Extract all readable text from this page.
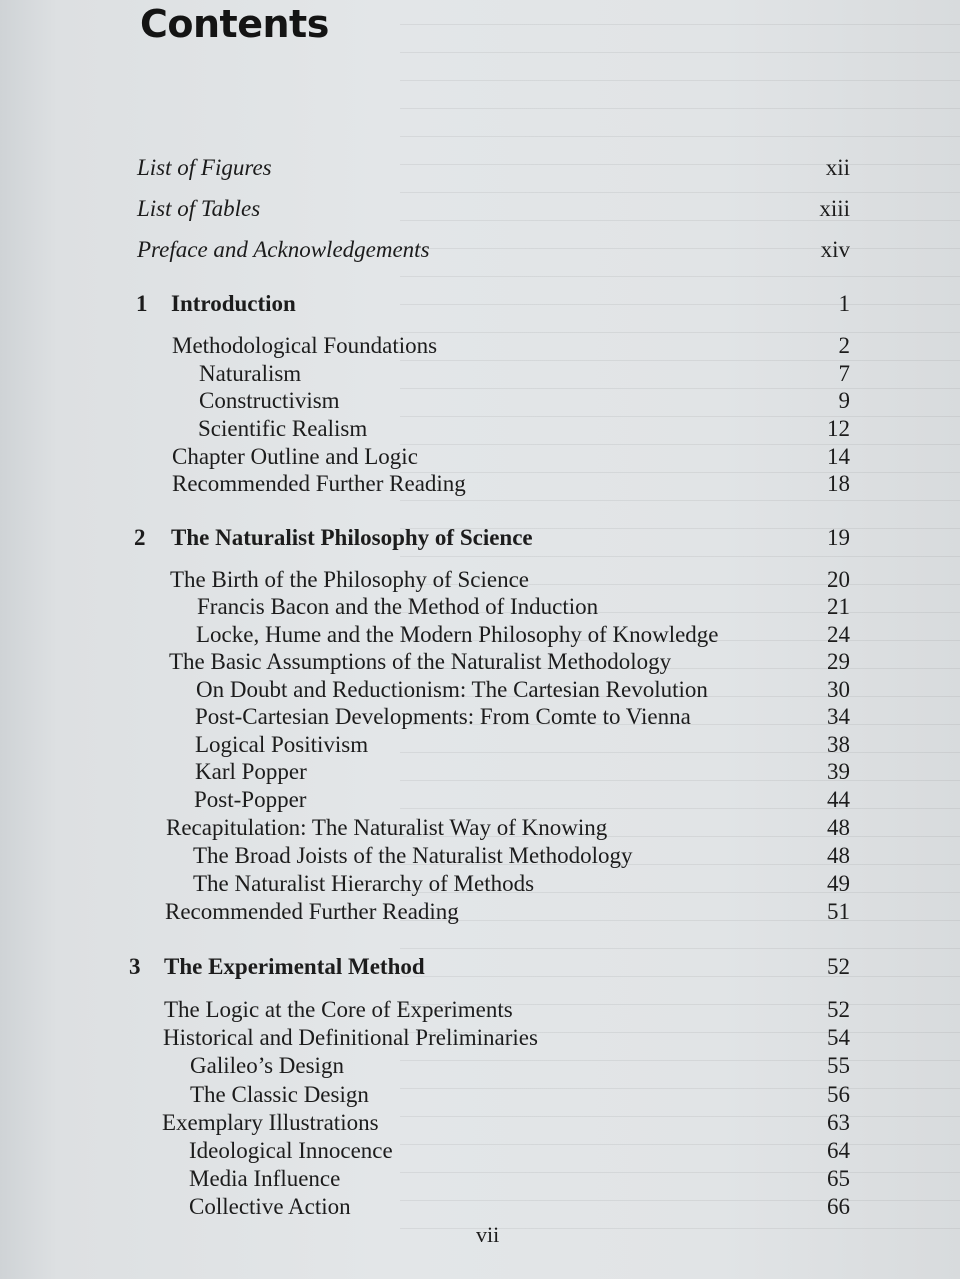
Contents
List of Figures	xii
List of Tables	xiii
Preface and Acknowledgements	xiv
1 Introduction	1
Methodological Foundations	2
Naturalism	7
Constructivism	9
Scientific Realism	12
Chapter Outline and Logic	14
Recommended Further Reading	18
2 The Naturalist Philosophy of Science	19
The Birth of the Philosophy of Science	20
Francis Bacon and the Method of Induction	21
Locke, Hume and the Modern Philosophy of Knowledge	24
The Basic Assumptions of the Naturalist Methodology	29
On Doubt and Reductionism: The Cartesian Revolution	30
Post-Cartesian Developments: From Comte to Vienna	34
Logical Positivism	38
Karl Popper	39
Post-Popper	44
Recapitulation: The Naturalist Way of Knowing	48
The Broad Joists of the Naturalist Methodology	48
The Naturalist Hierarchy of Methods	49
Recommended Further Reading	51
3 The Experimental Method	52
The Logic at the Core of Experiments	52
Historical and Definitional Preliminaries	54
Galileo’s Design	55
The Classic Design	56
Exemplary Illustrations	63
Ideological Innocence	64
Media Influence	65
Collective Action	66
vii
